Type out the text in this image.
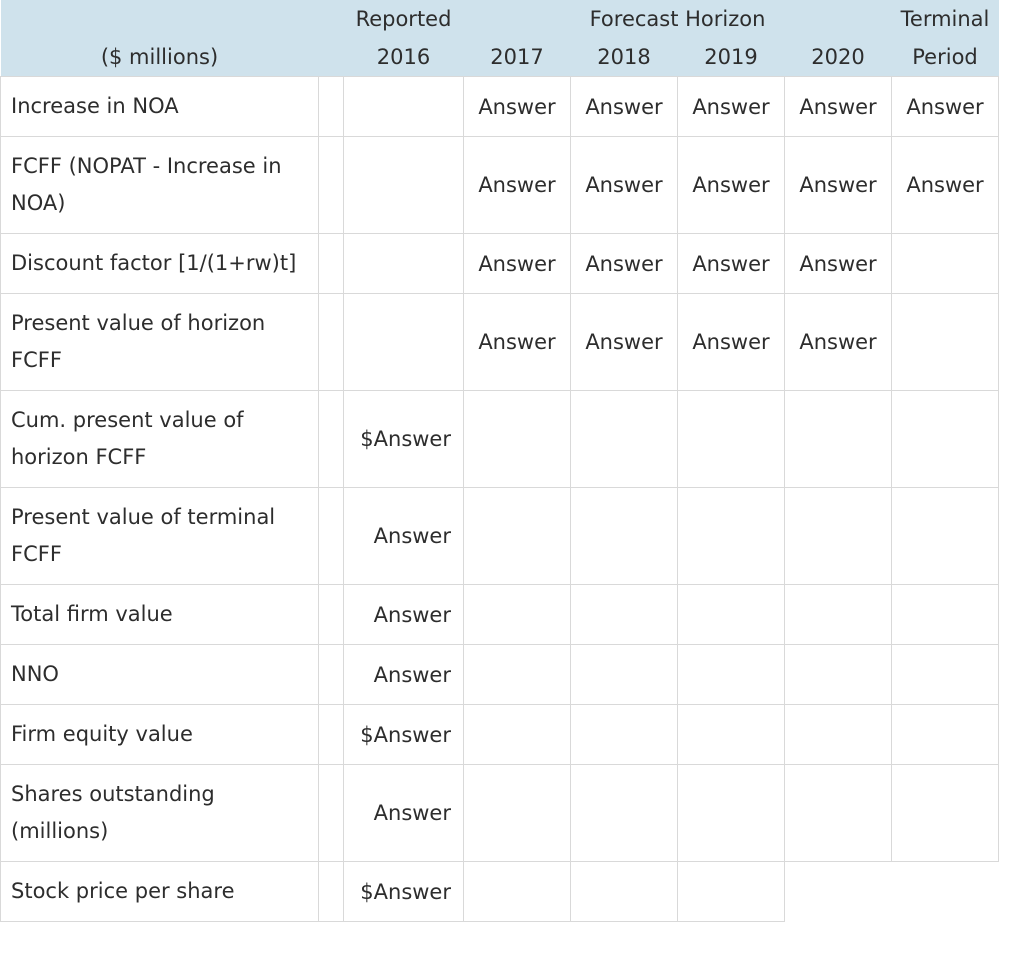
		Reported	Forecast Horizon				Terminal
($ millions)		2016	2017	2018	2019	2020	Period
Increase in NOA			Answer	Answer	Answer	Answer	Answer
FCFF (NOPAT - Increase in NOA)			Answer	Answer	Answer	Answer	Answer
Discount factor [1/(1+rw)t]			Answer	Answer	Answer	Answer	
Present value of horizon FCFF			Answer	Answer	Answer	Answer	
Cum. present value of horizon FCFF		$Answer					
Present value of terminal FCFF		Answer					
Total firm value		Answer					
NNO		Answer					
Firm equity value		$Answer					
Shares outstanding (millions)		Answer					
Stock price per share		$Answer					
